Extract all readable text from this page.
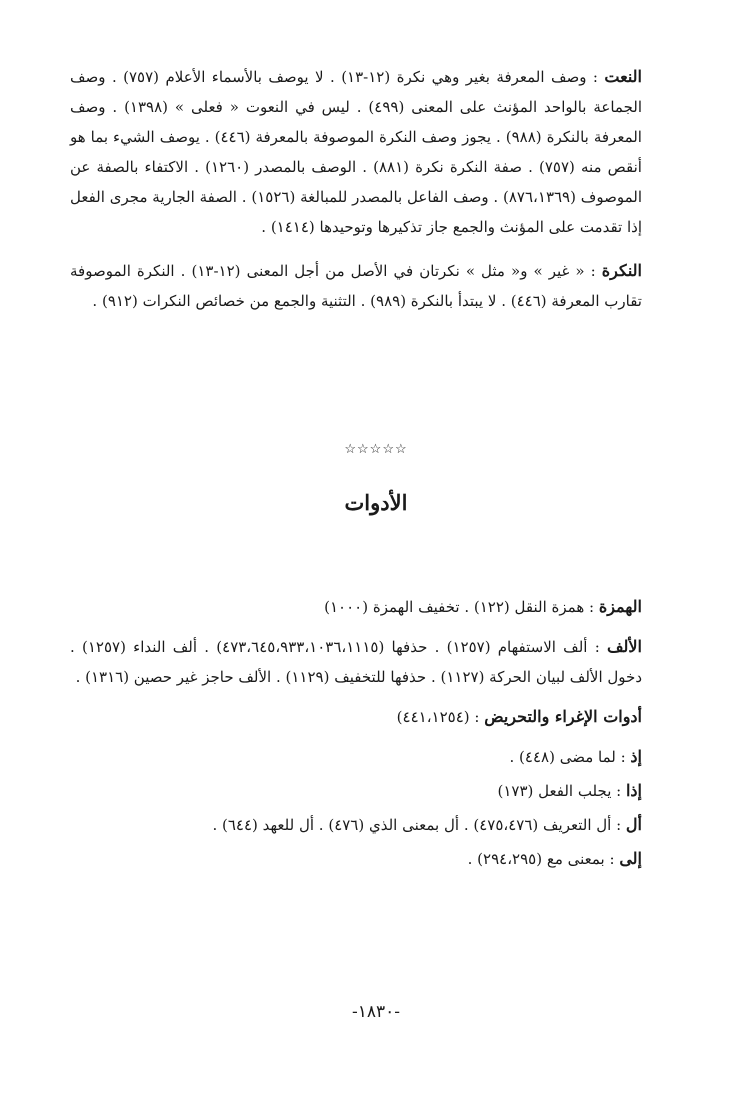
النعت : وصف المعرفة بغير وهي نكرة (١٢-١٣) . لا يوصف بالأسماء الأعلام (٧٥٧) . وصف الجماعة بالواحد المؤنث على المعنى (٤٩٩) . ليس في النعوت « فعلى » (١٣٩٨) . وصف المعرفة بالنكرة (٩٨٨) . يجوز وصف النكرة الموصوفة بالمعرفة (٤٤٦) . يوصف الشيء بما هو أنقص منه (٧٥٧) . صفة النكرة نكرة (٨٨١) . الوصف بالمصدر (١٢٦٠) . الاكتفاء بالصفة عن الموصوف (٨٧٦،١٣٦٩) . وصف الفاعل بالمصدر للمبالغة (١٥٢٦) . الصفة الجارية مجرى الفعل إذا تقدمت على المؤنث والجمع جاز تذكيرها وتوحيدها (١٤١٤) .
النكرة : « غير » و« مثل » نكرتان في الأصل من أجل المعنى (١٢-١٣) . النكرة الموصوفة تقارب المعرفة (٤٤٦) . لا يبتدأ بالنكرة (٩٨٩) . التثنية والجمع من خصائص النكرات (٩١٢) .
☆☆☆☆☆
الأدوات
الهمزة : همزة النقل (١٢٢) . تخفيف الهمزة (١٠٠٠)
الألف : ألف الاستفهام (١٢٥٧) . حذفها (٤٧٣،٦٤٥،٩٣٣،١٠٣٦،١١١٥) . ألف النداء (١٢٥٧) . دخول الألف لبيان الحركة (١١٢٧) . حذفها للتخفيف (١١٢٩) . الألف حاجز غير حصين (١٣١٦) .
أدوات الإغراء والتحريض : (٤٤١،١٢٥٤)
إذ : لما مضى (٤٤٨) .
إذا : يجلب الفعل (١٧٣)
أل : أل التعريف (٤٧٥،٤٧٦) . أل بمعنى الذي (٤٧٦) . أل للعهد (٦٤٤) .
إلى : بمعنى مع (٢٩٤،٢٩٥) .
-١٨٣٠-
